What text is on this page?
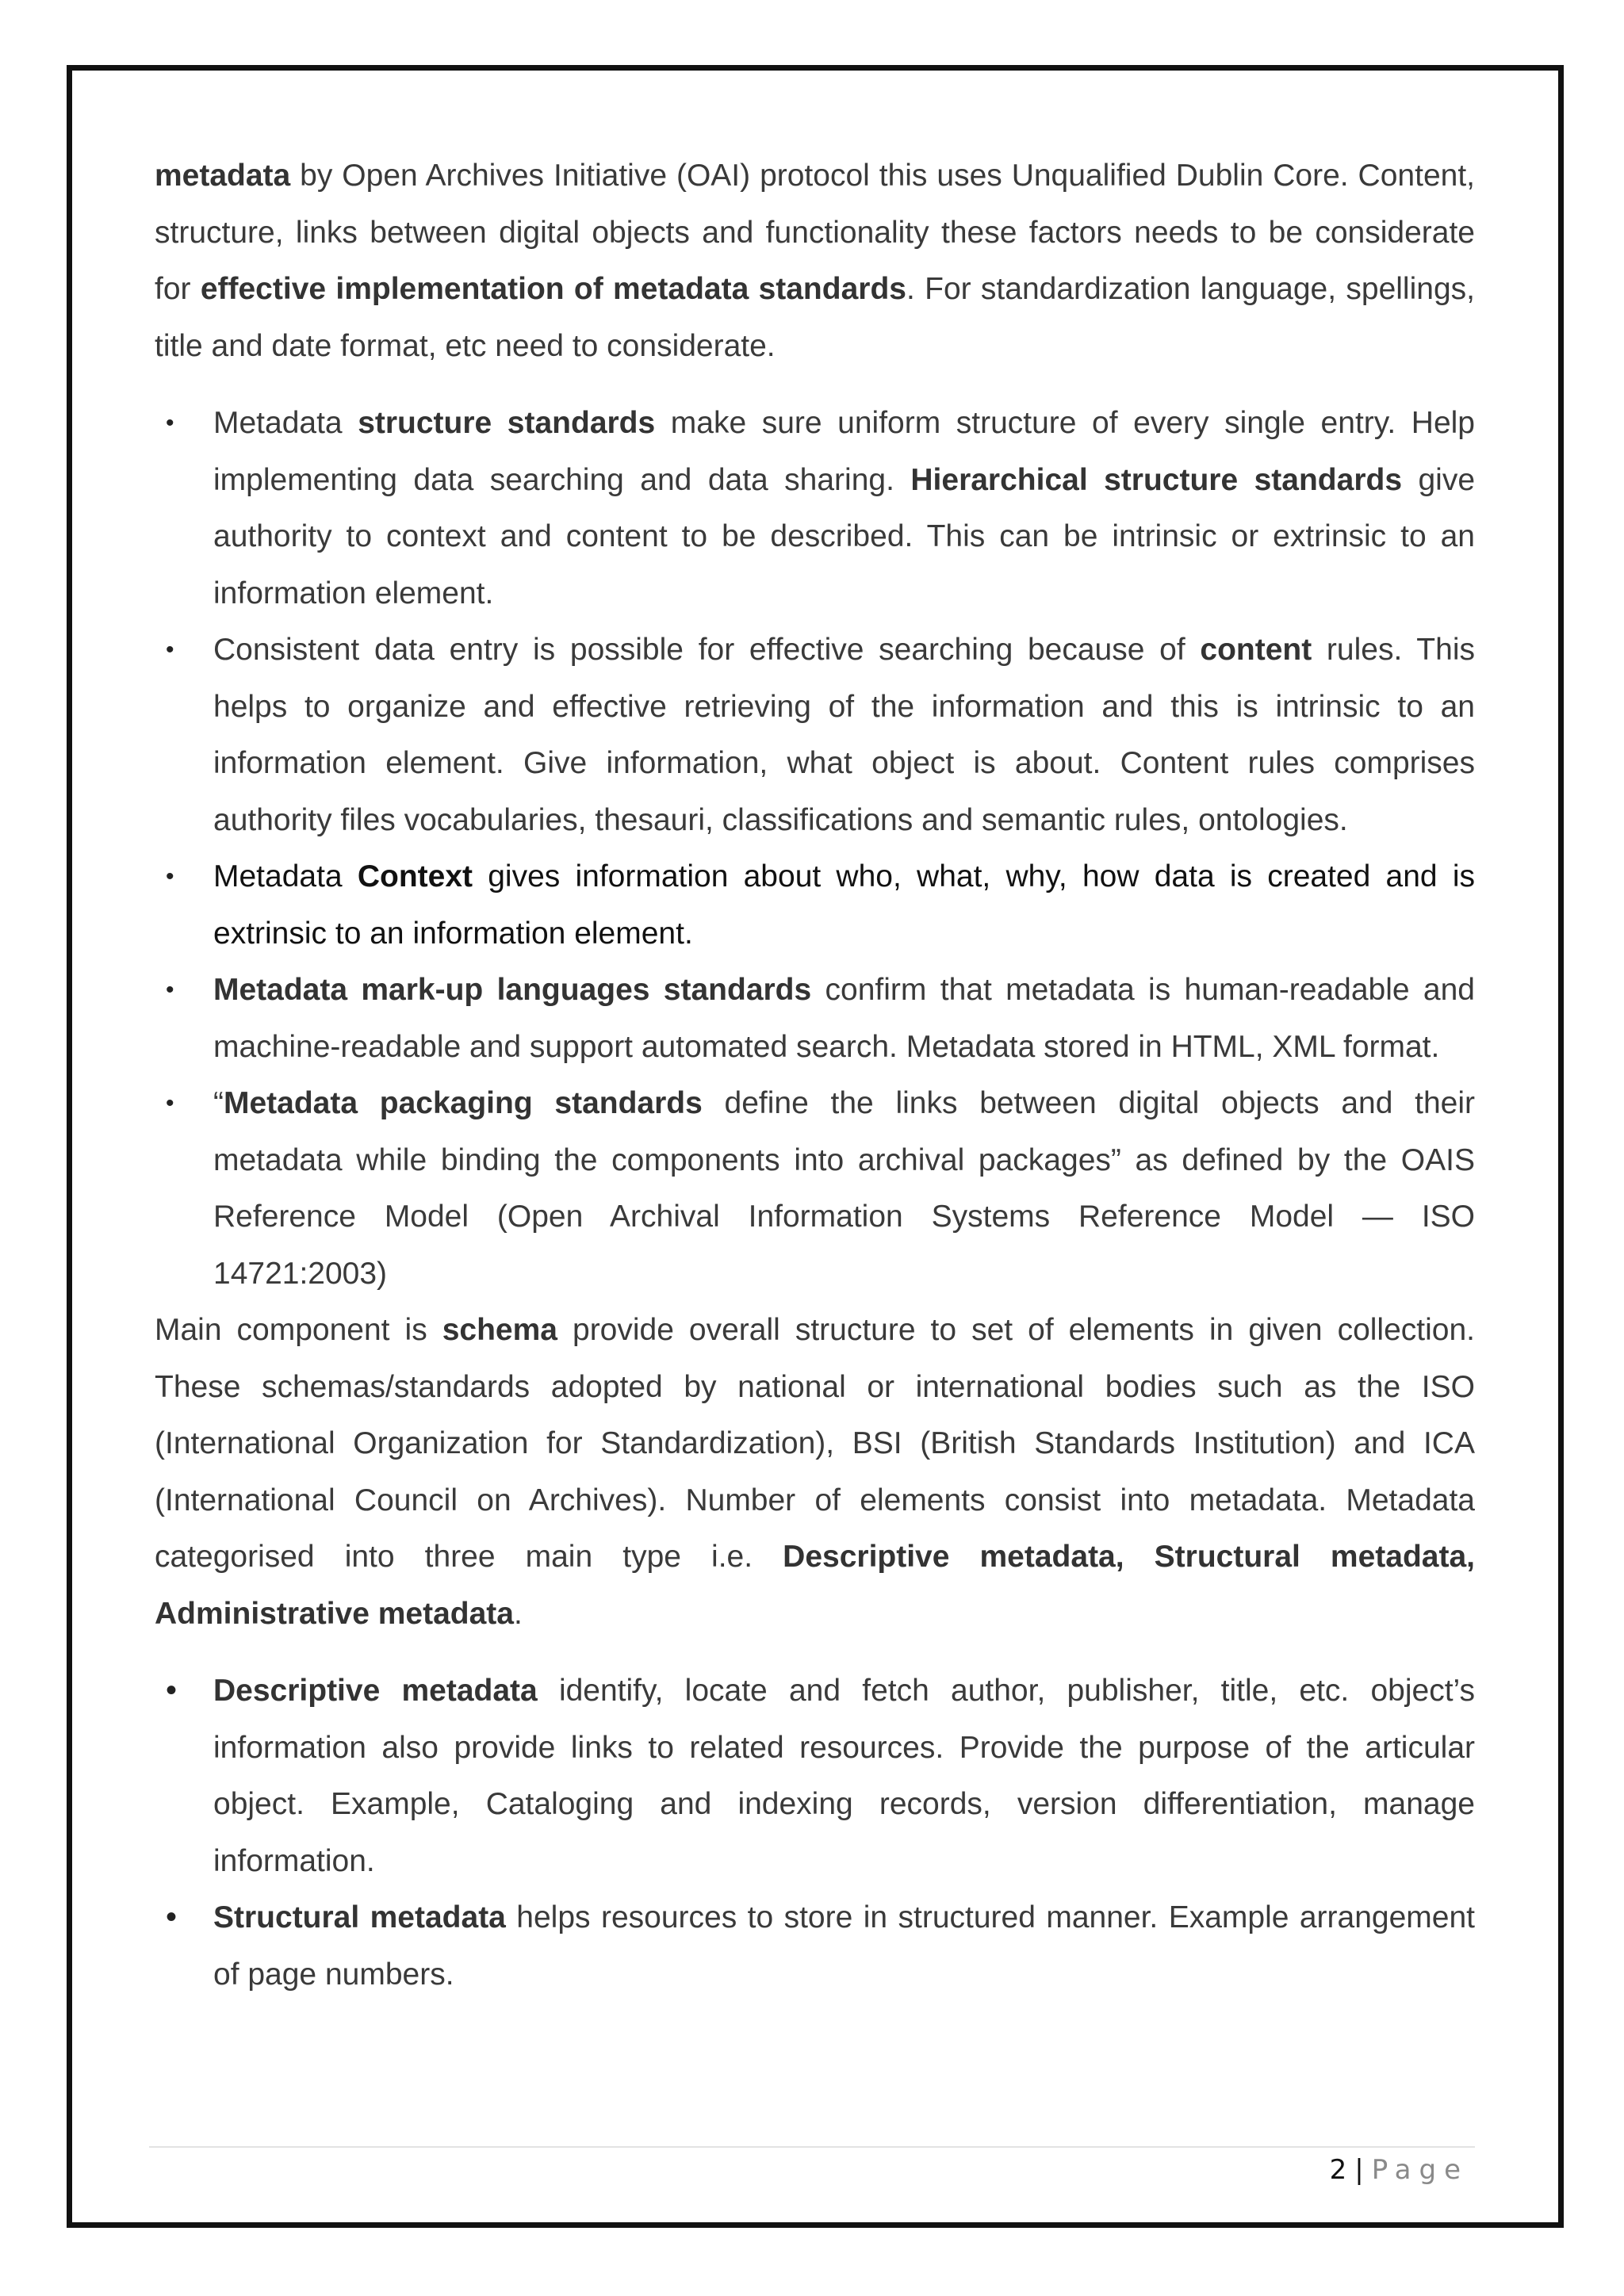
metadata by Open Archives Initiative (OAI) protocol this uses Unqualified Dublin Core. Content, structure, links between digital objects and functionality these factors needs to be considerate for effective implementation of metadata standards. For standardization language, spellings, title and date format, etc need to considerate.

• Metadata structure standards make sure uniform structure of every single entry. Help implementing data searching and data sharing. Hierarchical structure standards give authority to context and content to be described. This can be intrinsic or extrinsic to an information element.
• Consistent data entry is possible for effective searching because of content rules. This helps to organize and effective retrieving of the information and this is intrinsic to an information element. Give information, what object is about. Content rules comprises authority files vocabularies, thesauri, classifications and semantic rules, ontologies.
• Metadata Context gives information about who, what, why, how data is created and is extrinsic to an information element.
• Metadata mark-up languages standards confirm that metadata is human-readable and machine-readable and support automated search. Metadata stored in HTML, XML format.
• “Metadata packaging standards define the links between digital objects and their metadata while binding the components into archival packages” as defined by the OAIS Reference Model (Open Archival Information Systems Reference Model — ISO 14721:2003)

Main component is schema provide overall structure to set of elements in given collection. These schemas/standards adopted by national or international bodies such as the ISO (International Organization for Standardization), BSI (British Standards Institution) and ICA (International Council on Archives). Number of elements consist into metadata. Metadata categorised into three main type i.e. Descriptive metadata, Structural metadata, Administrative metadata.

• Descriptive metadata identify, locate and fetch author, publisher, title, etc. object’s information also provide links to related resources. Provide the purpose of the articular object. Example, Cataloging and indexing records, version differentiation, manage information.
• Structural metadata helps resources to store in structured manner. Example arrangement of page numbers.
2 | Page
